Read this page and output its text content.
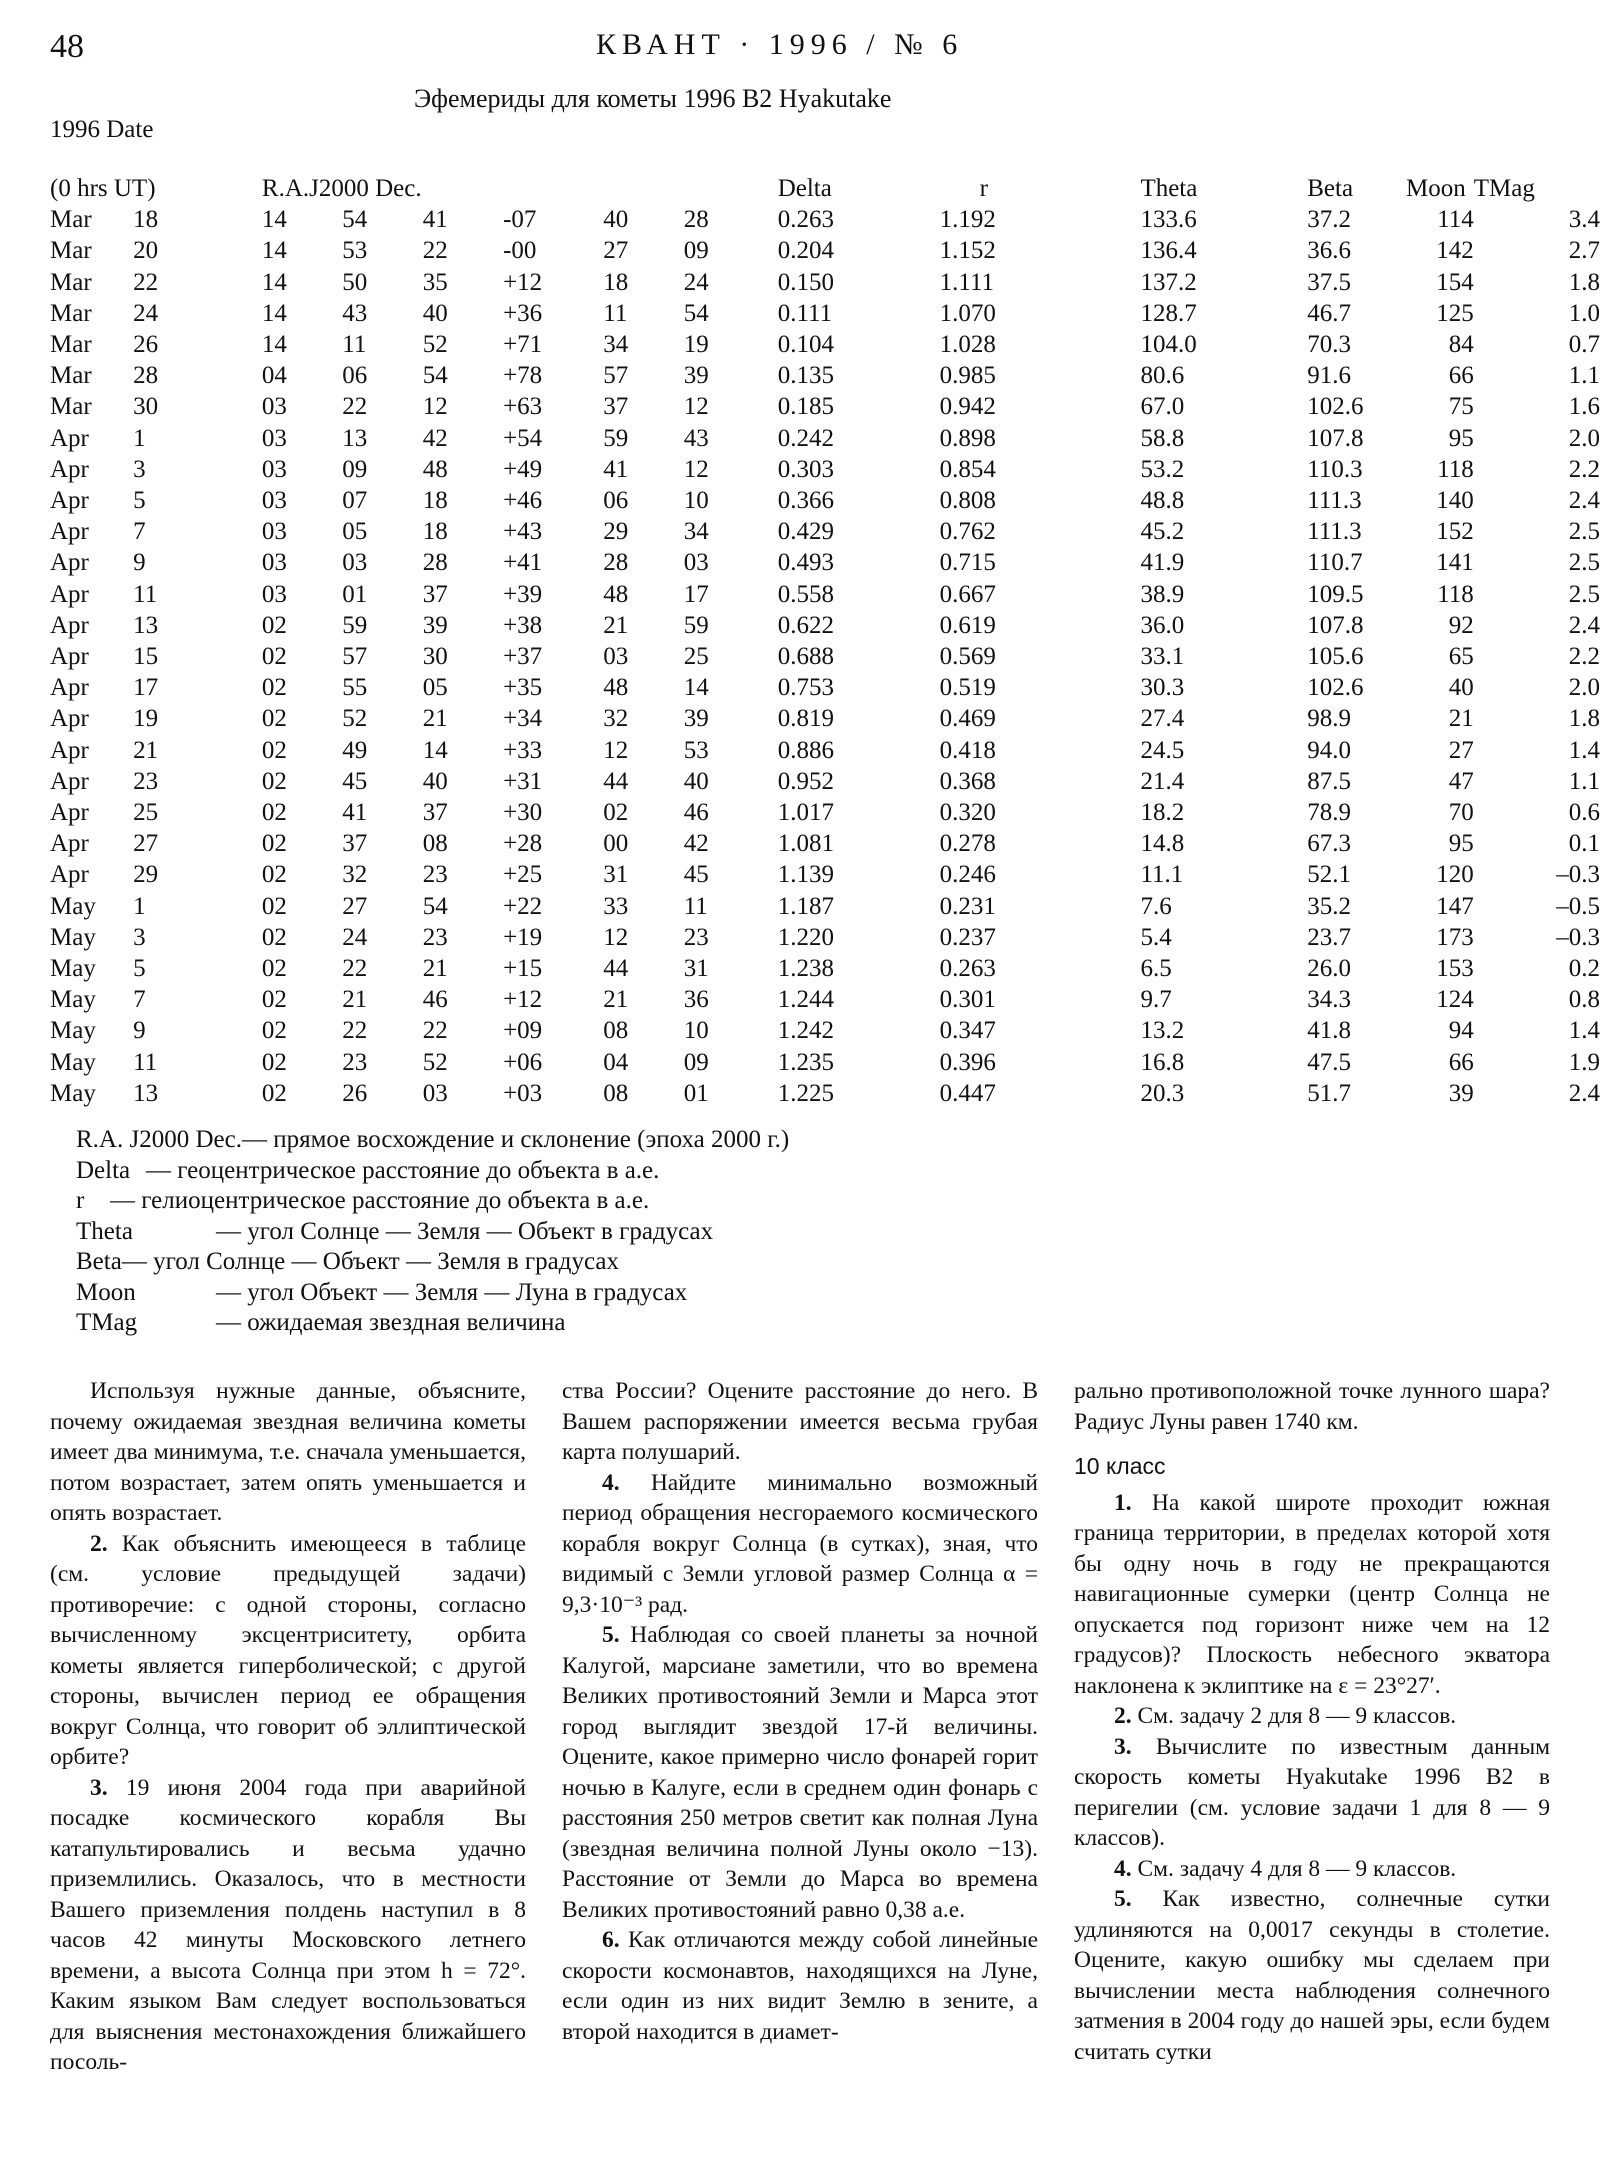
48	КВАНТ · 1996 / № 6
Эфемериды для кометы 1996 B2 Hyakutake
1996 Date
(0 hrs UT)		R.A.J2000 Dec.						Delta	r	Theta	Beta	Moon	TMag
Mar	18	14	54	41	-07	40	28	0.263	1.192	133.6	37.2	114	3.4
Mar	20	14	53	22	-00	27	09	0.204	1.152	136.4	36.6	142	2.7
Mar	22	14	50	35	+12	18	24	0.150	1.111	137.2	37.5	154	1.8
Mar	24	14	43	40	+36	11	54	0.111	1.070	128.7	46.7	125	1.0
Mar	26	14	11	52	+71	34	19	0.104	1.028	104.0	70.3	84	0.7
Mar	28	04	06	54	+78	57	39	0.135	0.985	80.6	91.6	66	1.1
Mar	30	03	22	12	+63	37	12	0.185	0.942	67.0	102.6	75	1.6
Apr	1	03	13	42	+54	59	43	0.242	0.898	58.8	107.8	95	2.0
Apr	3	03	09	48	+49	41	12	0.303	0.854	53.2	110.3	118	2.2
Apr	5	03	07	18	+46	06	10	0.366	0.808	48.8	111.3	140	2.4
Apr	7	03	05	18	+43	29	34	0.429	0.762	45.2	111.3	152	2.5
Apr	9	03	03	28	+41	28	03	0.493	0.715	41.9	110.7	141	2.5
Apr	11	03	01	37	+39	48	17	0.558	0.667	38.9	109.5	118	2.5
Apr	13	02	59	39	+38	21	59	0.622	0.619	36.0	107.8	92	2.4
Apr	15	02	57	30	+37	03	25	0.688	0.569	33.1	105.6	65	2.2
Apr	17	02	55	05	+35	48	14	0.753	0.519	30.3	102.6	40	2.0
Apr	19	02	52	21	+34	32	39	0.819	0.469	27.4	98.9	21	1.8
Apr	21	02	49	14	+33	12	53	0.886	0.418	24.5	94.0	27	1.4
Apr	23	02	45	40	+31	44	40	0.952	0.368	21.4	87.5	47	1.1
Apr	25	02	41	37	+30	02	46	1.017	0.320	18.2	78.9	70	0.6
Apr	27	02	37	08	+28	00	42	1.081	0.278	14.8	67.3	95	0.1
Apr	29	02	32	23	+25	31	45	1.139	0.246	11.1	52.1	120	–0.3
May	1	02	27	54	+22	33	11	1.187	0.231	7.6	35.2	147	–0.5
May	3	02	24	23	+19	12	23	1.220	0.237	5.4	23.7	173	–0.3
May	5	02	22	21	+15	44	31	1.238	0.263	6.5	26.0	153	0.2
May	7	02	21	46	+12	21	36	1.244	0.301	9.7	34.3	124	0.8
May	9	02	22	22	+09	08	10	1.242	0.347	13.2	41.8	94	1.4
May	11	02	23	52	+06	04	09	1.235	0.396	16.8	47.5	66	1.9
May	13	02	26	03	+03	08	01	1.225	0.447	20.3	51.7	39	2.4
R.A. J2000 Dec. — прямое восхождение и склонение (эпоха 2000 г.)
Delta — геоцентрическое расстояние до объекта в а.е.
r	— гелиоцентрическое расстояние до объекта в а.е.
Theta	— угол Солнце — Земля — Объект в градусах
Beta — угол Солнце — Объект — Земля в градусах
Moon	— угол Объект — Земля — Луна в градусах
TMag	— ожидаемая звездная величина

Используя нужные данные, объясните, почему ожидаемая звездная величина кометы имеет два минимума, т.е. сначала уменьшается, потом возрастает, затем опять уменьшается и опять возрастает.

2. Как объяснить имеющееся в таблице (см. условие предыдущей задачи) противоречие: с одной стороны, согласно вычисленному эксцентриситету, орбита кометы является гиперболической; с другой стороны, вычислен период ее обращения вокруг Солнца, что говорит об эллиптической орбите?

3. 19 июня 2004 года при аварийной посадке космического корабля Вы катапультировались и весьма удачно приземлились. Оказалось, что в местности Вашего приземления полдень наступил в 8 часов 42 минуты Московского летнего времени, а высота Солнца при этом h = 72°. Каким языком Вам следует воспользоваться для выяснения местонахождения ближайшего посоль-

ства России? Оцените расстояние до него. В Вашем распоряжении имеется весьма грубая карта полушарий.

4. Найдите минимально возможный период обращения несгораемого космического корабля вокруг Солнца (в сутках), зная, что видимый с Земли угловой размер Солнца α = 9,3·10⁻³ рад.

5. Наблюдая со своей планеты за ночной Калугой, марсиане заметили, что во времена Великих противостояний Земли и Марса этот город выглядит звездой 17-й величины. Оцените, какое примерно число фонарей горит ночью в Калуге, если в среднем один фонарь с расстояния 250 метров светит как полная Луна (звездная величина полной Луны около −13). Расстояние от Земли до Марса во времена Великих противостояний равно 0,38 а.е.

6. Как отличаются между собой линейные скорости космонавтов, находящихся на Луне, если один из них видит Землю в зените, а второй находится в диамет-

рально противоположной точке лунного шара? Радиус Луны равен 1740 км.

10 класс

1. На какой широте проходит южная граница территории, в пределах которой хотя бы одну ночь в году не прекращаются навигационные сумерки (центр Солнца не опускается под горизонт ниже чем на 12 градусов)? Плоскость небесного экватора наклонена к эклиптике на ε = 23°27′.

2. См. задачу 2 для 8 — 9 классов.

3. Вычислите по известным данным скорость кометы Hyakutake 1996 B2 в перигелии (см. условие задачи 1 для 8 — 9 классов).

4. См. задачу 4 для 8 — 9 классов.

5. Как известно, солнечные сутки удлиняются на 0,0017 секунды в столетие. Оцените, какую ошибку мы сделаем при вычислении места наблюдения солнечного затмения в 2004 году до нашей эры, если будем считать сутки
